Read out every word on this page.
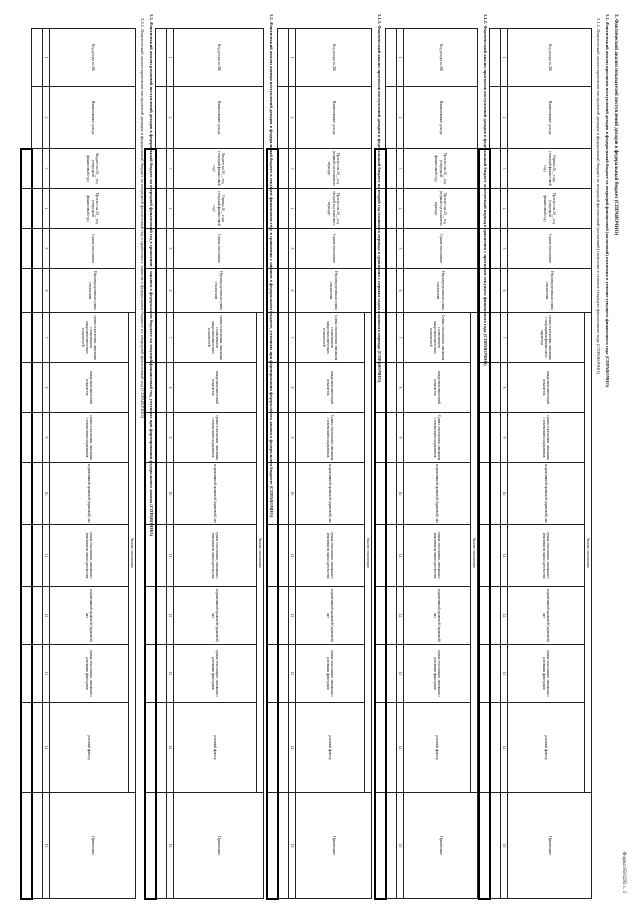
Форма 0503295 с. 3
3. Фактический анализ показателей поступлений доходов в федеральный бюджет (СПРАВОЧНО)
3.1. Фактический анализ прогнозов поступлений доходов в федеральный бюджет от операций финансовой (налоговой) политики в течение текущего финансового года (СПРАВОЧНО)
3.1.1. Фактический анализ прогнозов поступлений доходов в федеральный бюджет от операций финансовой (налоговой) политики в течение текущего финансового года (СПРАВОЧНО)
Код дохода по БК	Наименование дохода	Оценка 20__ года (текущий финансовый год)	Прогноз на 20__ год (очередной финансовый год)	Сумма отклонения	Нераспределенная сумма отклонения	Анализ отклонения								Примечание
						сумма отклонения, связанная с операциями финансового характера	макроэкономический показатель	сумма отклонения, связанная с изменением нормативов	нормативный правовой (правовой) акт	сумма отклонения, связанная с изменением законодательства	нормативный правовой (правовой) акт	сумма отклонения, связанная с разовыми факторами	разовый фактор	
1	2	3	4	5	6	7	8	9	10	11	12	13	14	15

3.1.2. Фактический анализ прогнозов поступлений доходов в федеральный бюджет за отчетный период в сравнении с прогнозом текущего финансового года (СПРАВОЧНО)
Код дохода по БК	Наименование дохода	Прогноз на 20__ год (очередной финансовый год)	Прогноз на 20__ год (первый год планового периода)	Сумма отклонения	Нераспределенная сумма отклонения	Анализ отклонения								Примечание
						Сумма отклонения, связанная с изменением макроэкономических показателей	макроэкономический показатель	Сумма отклонения, связанная с изменением нормативов	нормативный правовой (правовой) акт	сумма отклонения, связанная с изменением законодательства	нормативный правовой (правовой) акт	сумма отклонения, связанная с разовыми факторами	разовый фактор	
1	2	3	4	5	6	7	8	9	10	11	12	13	14	15

3.1.3. Фактический анализ прогнозов поступлений доходов в федеральный бюджет на второй год планового периода в сравнении с первым годом планового периода (СПРАВОЧНО)
Код дохода по БК	Наименование дохода	Прогноз на 20__ год (первый год планового периода)	Прогноз на 20__ год (второй год планового периода)	Сумма отклонения	Нераспределенная сумма отклонения	Анализ отклонения								Примечание
						Сумма отклонения, связанная с изменением макроэкономических показателей	макроэкономический показатель	Сумма отклонения, связанная с изменением нормативов	нормативный правовой (правовой) акт	сумма отклонения, связанная с изменением законодательства	нормативный правовой (правовой) акт	сумма отклонения, связанная с разовыми факторами	разовый фактор	
1	2	3	4	5	6	7	8	9	10	11	12	13	14	15

3.2. Фактический анализ оценки поступлений доходов в федеральный бюджет в текущем финансовом году в сравнении с законом о федеральном бюджете, учтенных при формировании федерального закона о федеральном бюджете (СПРАВОЧНО)
Код дохода по БК	Наименование дохода	Бюджет на 20__ год (текущий финансовый год)	Оценка 20__ года (текущий финансовый год)	Сумма отклонения	Нераспределенная сумма отклонения	Анализ отклонения								Примечание
						сумма отклонения, связанная с изменением макроэкономических показателей	макроэкономический показатель	сумма отклонения, связанная с изменением нормативов	нормативный правовой (правовой) акт	сумма отклонения, связанная с изменением законодательства	нормативный правовой (правовой) акт	сумма отклонения, связанная с разовыми факторами	разовый фактор	
1	2	3	4	5	6	7	8	9	10	11	12	13	14	15

3.3. Фактический анализ различий поступлений доходов в федеральный бюджет на очередной финансовый год в сравнении с законом о федеральном бюджете на текущий финансовый год, учтенных при формировании федерального закона (СПРАВОЧНО)
3.3.1. Фактический анализ прогнозов поступлений доходов в федеральный бюджет на очередной финансовый год в сравнении с законом о федеральном бюджете на очередной финансовый год (СПРАВОЧНО)
Код дохода по БК	Наименование дохода	Бюджет на 20__ год (очередной финансовый год)	Прогноз на 20__ год (очередной финансовый год)	Сумма отклонения	Нераспределенная сумма отклонения	Анализ отклонения								Примечание
						сумма отклонения, связанная с изменением макроэкономических показателей	макроэкономический показатель	сумма отклонения, связанная с изменением нормативов	нормативный правовой (правовой) акт	сумма отклонения, связанная с изменением законодательства	нормативный правовой (правовой) акт	сумма отклонения, связанная с разовыми факторами	разовый фактор	
1	2	3	4	5	6	7	8	9	10	11	12	13	14	15
